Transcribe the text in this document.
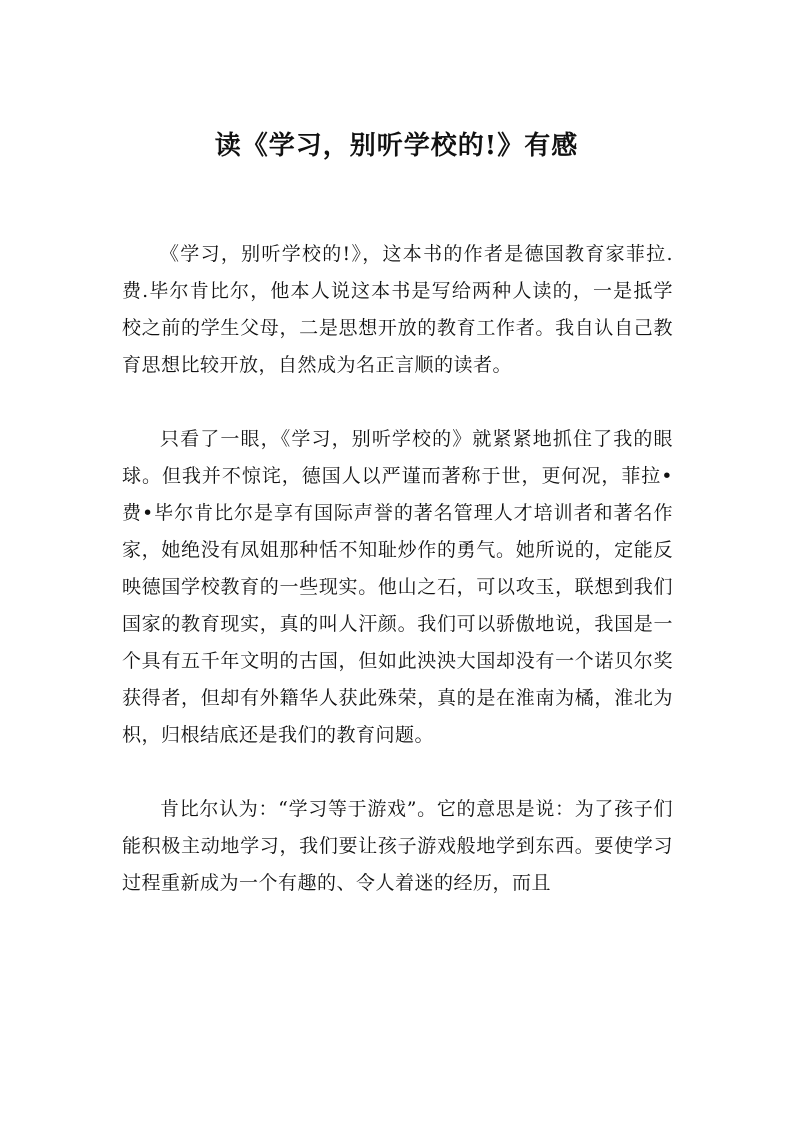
读《学习，别听学校的!》有感

《学习，别听学校的!》，这本书的作者是德国教育家菲拉.费.毕尔肯比尔，他本人说这本书是写给两种人读的，一是抵学校之前的学生父母，二是思想开放的教育工作者。我自认自己教育思想比较开放，自然成为名正言顺的读者。

只看了一眼，《学习，别听学校的》就紧紧地抓住了我的眼球。但我并不惊诧，德国人以严谨而著称于世，更何况，菲拉•费•毕尔肯比尔是享有国际声誉的著名管理人才培训者和著名作家，她绝没有凤姐那种恬不知耻炒作的勇气。她所说的，定能反映德国学校教育的一些现实。他山之石，可以攻玉，联想到我们国家的教育现实，真的叫人汗颜。我们可以骄傲地说，我国是一个具有五千年文明的古国，但如此泱泱大国却没有一个诺贝尔奖获得者，但却有外籍华人获此殊荣，真的是在淮南为橘，淮北为枳，归根结底还是我们的教育问题。

肯比尔认为：“学习等于游戏”。它的意思是说：为了孩子们能积极主动地学习，我们要让孩子游戏般地学到东西。要使学习过程重新成为一个有趣的、令人着迷的经历，而且
